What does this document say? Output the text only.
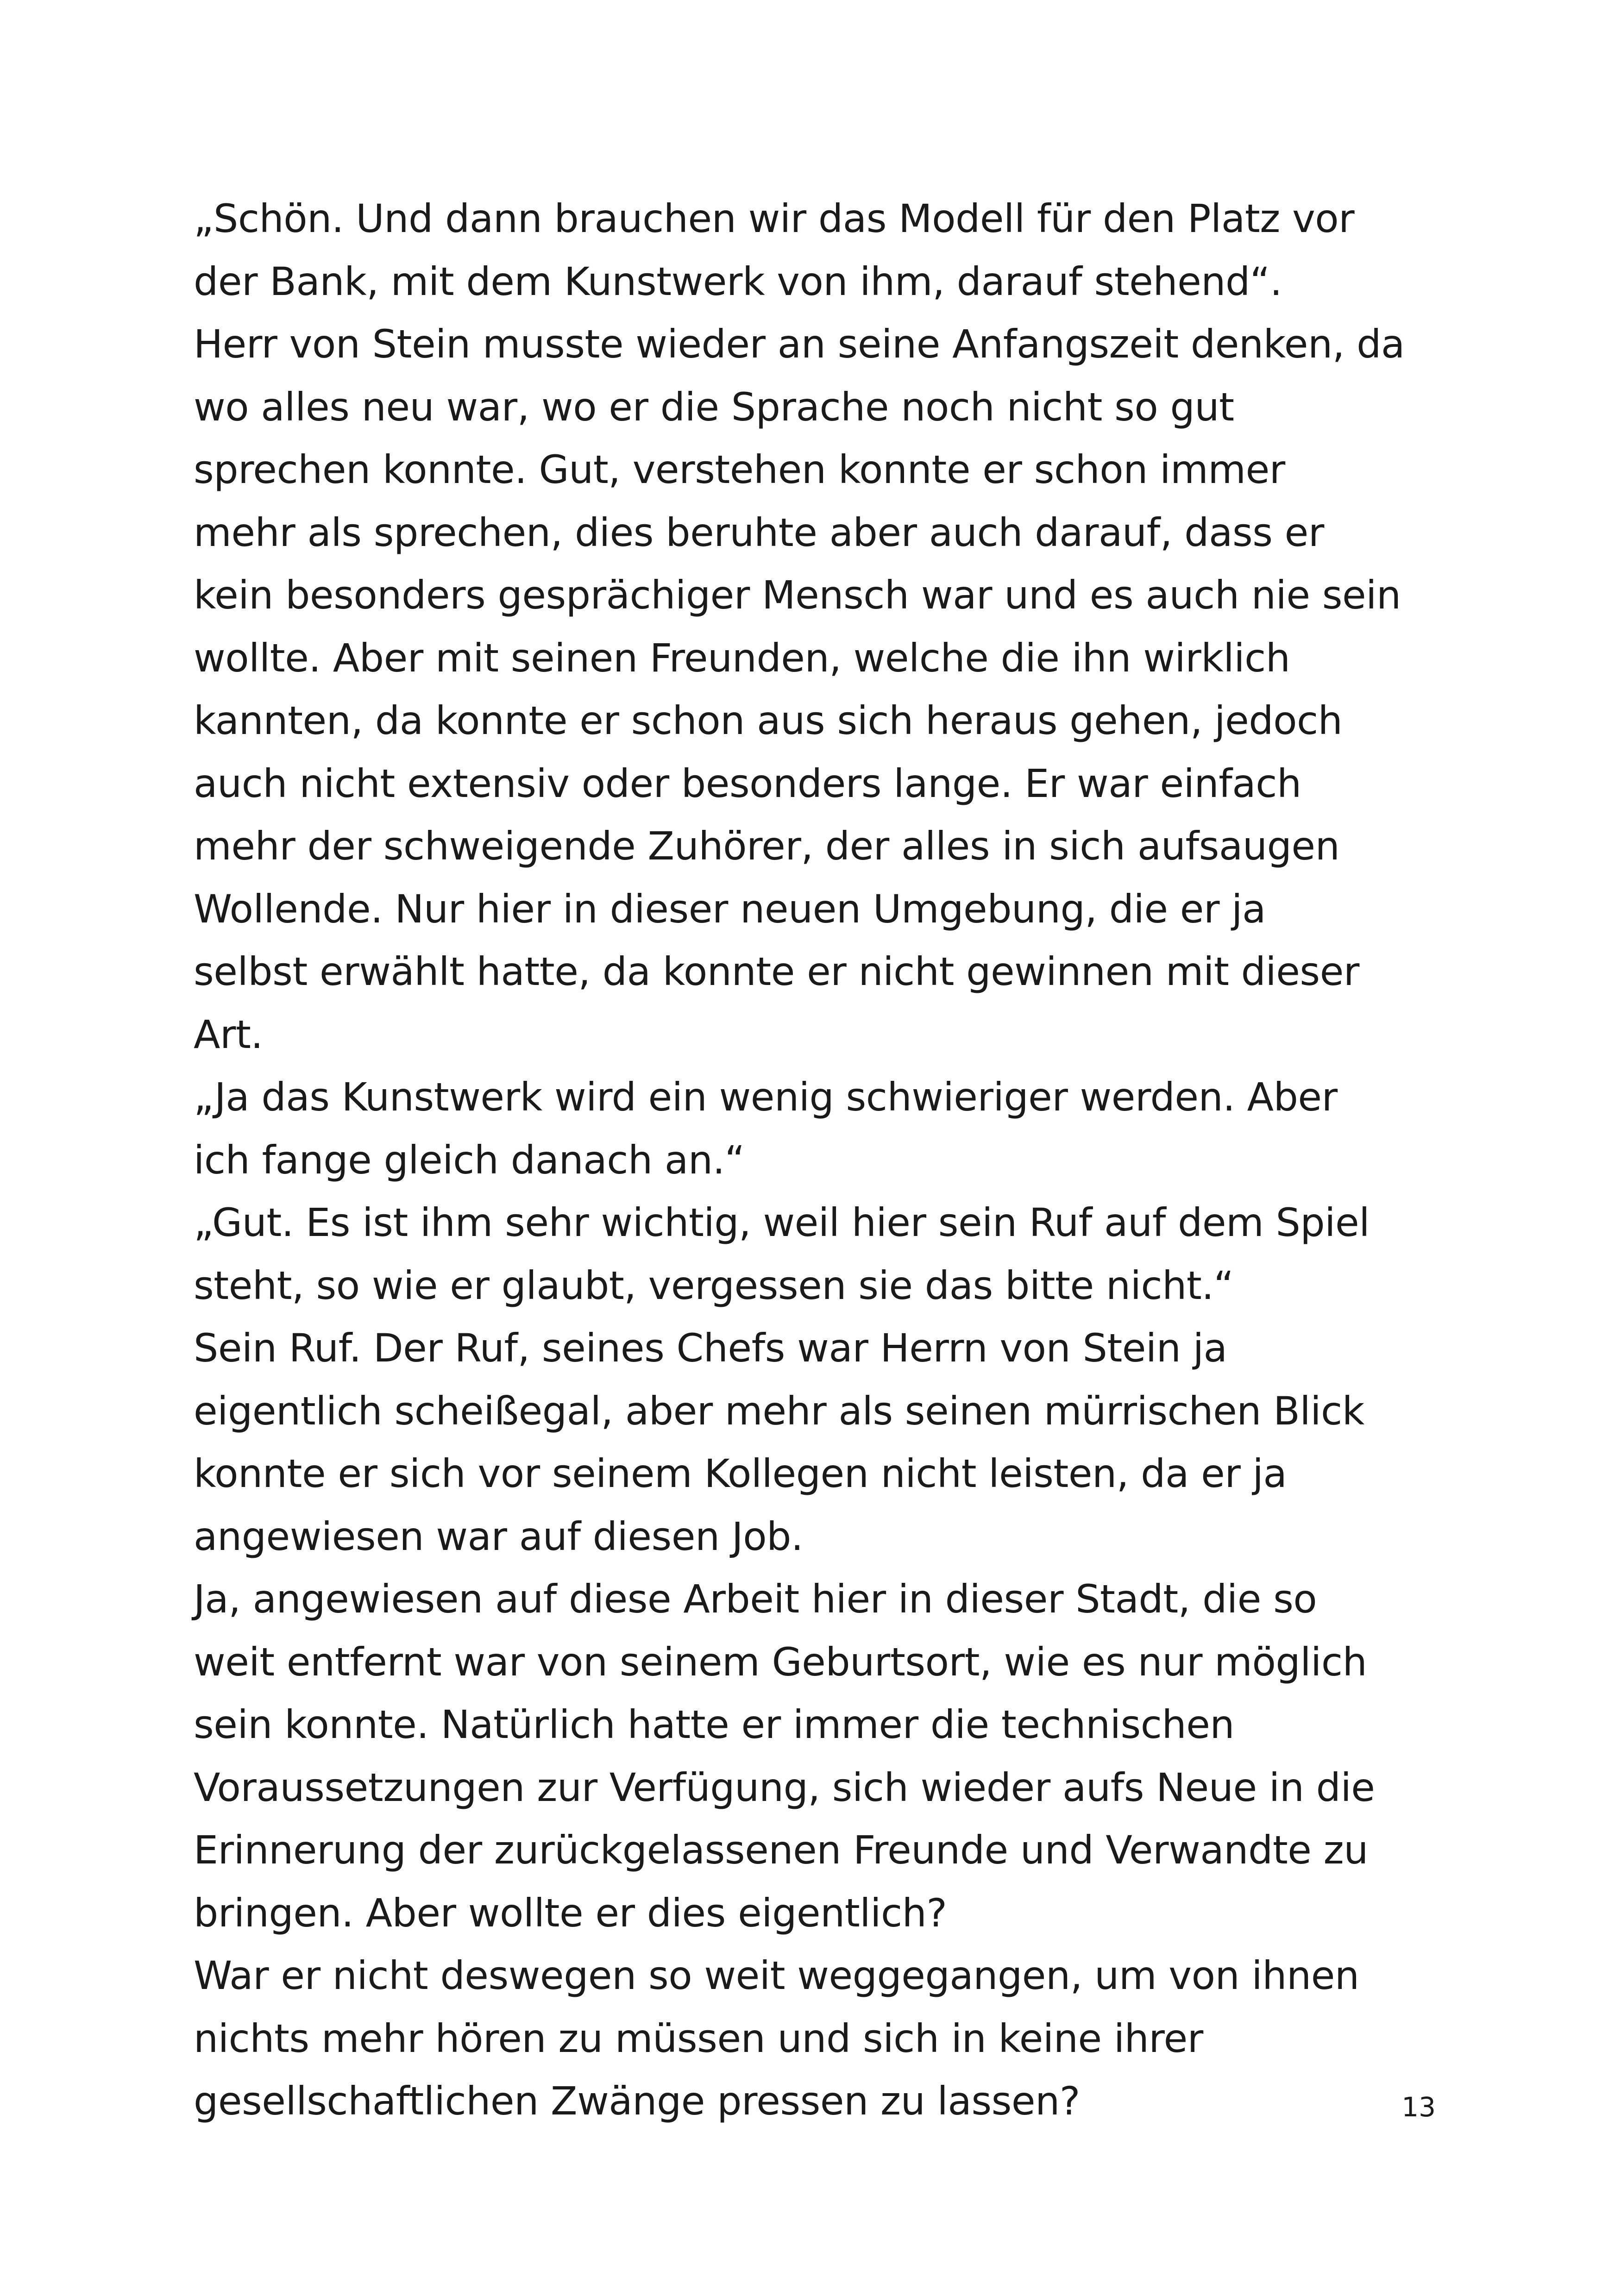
„Schön. Und dann brauchen wir das Modell für den Platz vor
der Bank, mit dem Kunstwerk von ihm, darauf stehend“.
Herr von Stein musste wieder an seine Anfangszeit denken, da
wo alles neu war, wo er die Sprache noch nicht so gut
sprechen konnte. Gut, verstehen konnte er schon immer
mehr als sprechen, dies beruhte aber auch darauf, dass er
kein besonders gesprächiger Mensch war und es auch nie sein
wollte. Aber mit seinen Freunden, welche die ihn wirklich
kannten, da konnte er schon aus sich heraus gehen, jedoch
auch nicht extensiv oder besonders lange. Er war einfach
mehr der schweigende Zuhörer, der alles in sich aufsaugen
Wollende. Nur hier in dieser neuen Umgebung, die er ja
selbst erwählt hatte, da konnte er nicht gewinnen mit dieser
Art.
„Ja das Kunstwerk wird ein wenig schwieriger werden. Aber
ich fange gleich danach an.“
„Gut. Es ist ihm sehr wichtig, weil hier sein Ruf auf dem Spiel
steht, so wie er glaubt, vergessen sie das bitte nicht.“
Sein Ruf. Der Ruf, seines Chefs war Herrn von Stein ja
eigentlich scheißegal, aber mehr als seinen mürrischen Blick
konnte er sich vor seinem Kollegen nicht leisten, da er ja
angewiesen war auf diesen Job.
Ja, angewiesen auf diese Arbeit hier in dieser Stadt, die so
weit entfernt war von seinem Geburtsort, wie es nur möglich
sein konnte. Natürlich hatte er immer die technischen
Voraussetzungen zur Verfügung, sich wieder aufs Neue in die
Erinnerung der zurückgelassenen Freunde und Verwandte zu
bringen. Aber wollte er dies eigentlich?
War er nicht deswegen so weit weggegangen, um von ihnen
nichts mehr hören zu müssen und sich in keine ihrer
gesellschaftlichen Zwänge pressen zu lassen?	13
